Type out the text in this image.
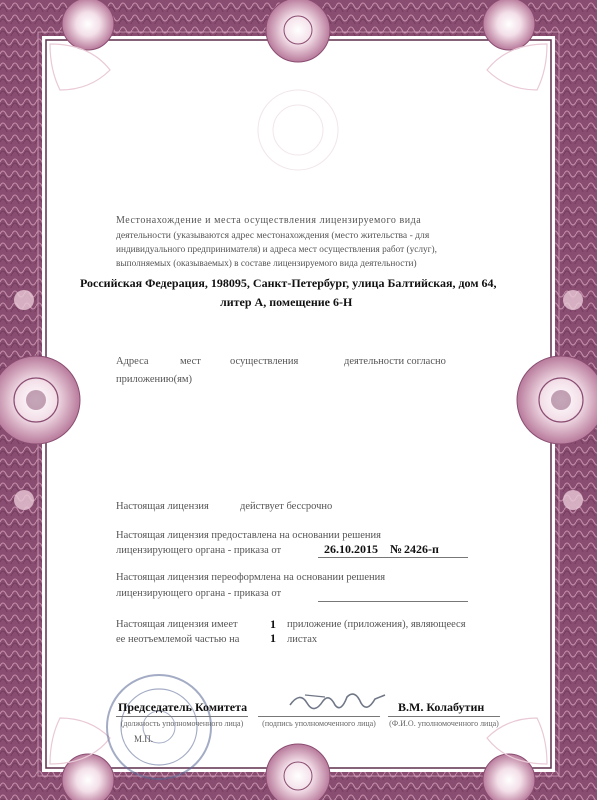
Местонахождение и места осуществления лицензируемого вида

деятельности (указываются адрес местонахождения (место жительства - для

индивидуального предпринимателя) и адреса мест осуществления работ (услуг),

выполняемых (оказываемых) в составе лицензируемого вида деятельности)

Российская Федерация, 198095, Санкт-Петербург, улица Балтийская, дом 64,

литер А, помещение 6-Н

Адреса	мест	осуществления	деятельности согласно

приложению(ям)

Настоящая лицензия	действует бессрочно

Настоящая лицензия предоставлена на основании решения

лицензирующего органа - приказа от	26.10.2015 № 2426-п

Настоящая лицензия переоформлена на основании решения

лицензирующего органа - приказа от

Настоящая лицензия имеет	1 приложение (приложения), являющееся

ее неотъемлемой частью на	1 листах

М.П.

Председатель Комитета

(должность уполномоченного лица)	(подпись уполномоченного лица)

В.М. Колабутин

(Ф.И.О. уполномоченного лица)
